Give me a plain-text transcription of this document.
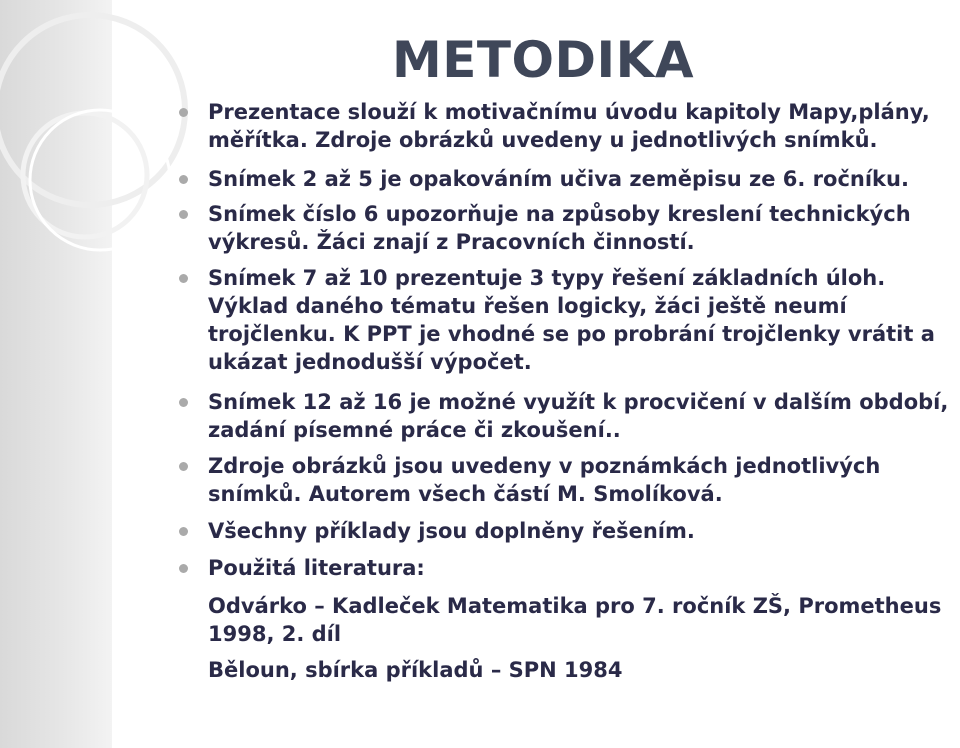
METODIKA
Prezentace slouží k motivačnímu úvodu kapitoly Mapy,plány, měřítka. Zdroje obrázků uvedeny u jednotlivých snímků.
Snímek 2 až 5 je opakováním učiva zeměpisu ze 6. ročníku.
Snímek číslo 6 upozorňuje na způsoby kreslení technických výkresů. Žáci znají z Pracovních činností.
Snímek 7 až 10 prezentuje 3 typy řešení základních úloh. Výklad daného tématu řešen logicky, žáci ještě neumí trojčlenku. K PPT je vhodné se po probrání trojčlenky vrátit a ukázat jednodušší výpočet.
Snímek 12 až 16 je možné využít k procvičení v dalším období, zadání písemné práce či zkoušení..
Zdroje obrázků jsou uvedeny v poznámkách jednotlivých snímků. Autorem všech částí M. Smolíková.
Všechny příklady jsou doplněny řešením.
Použitá literatura:
Odvárko – Kadleček Matematika pro 7. ročník ZŠ, Prometheus 1998, 2. díl
Běloun, sbírka příkladů – SPN 1984
